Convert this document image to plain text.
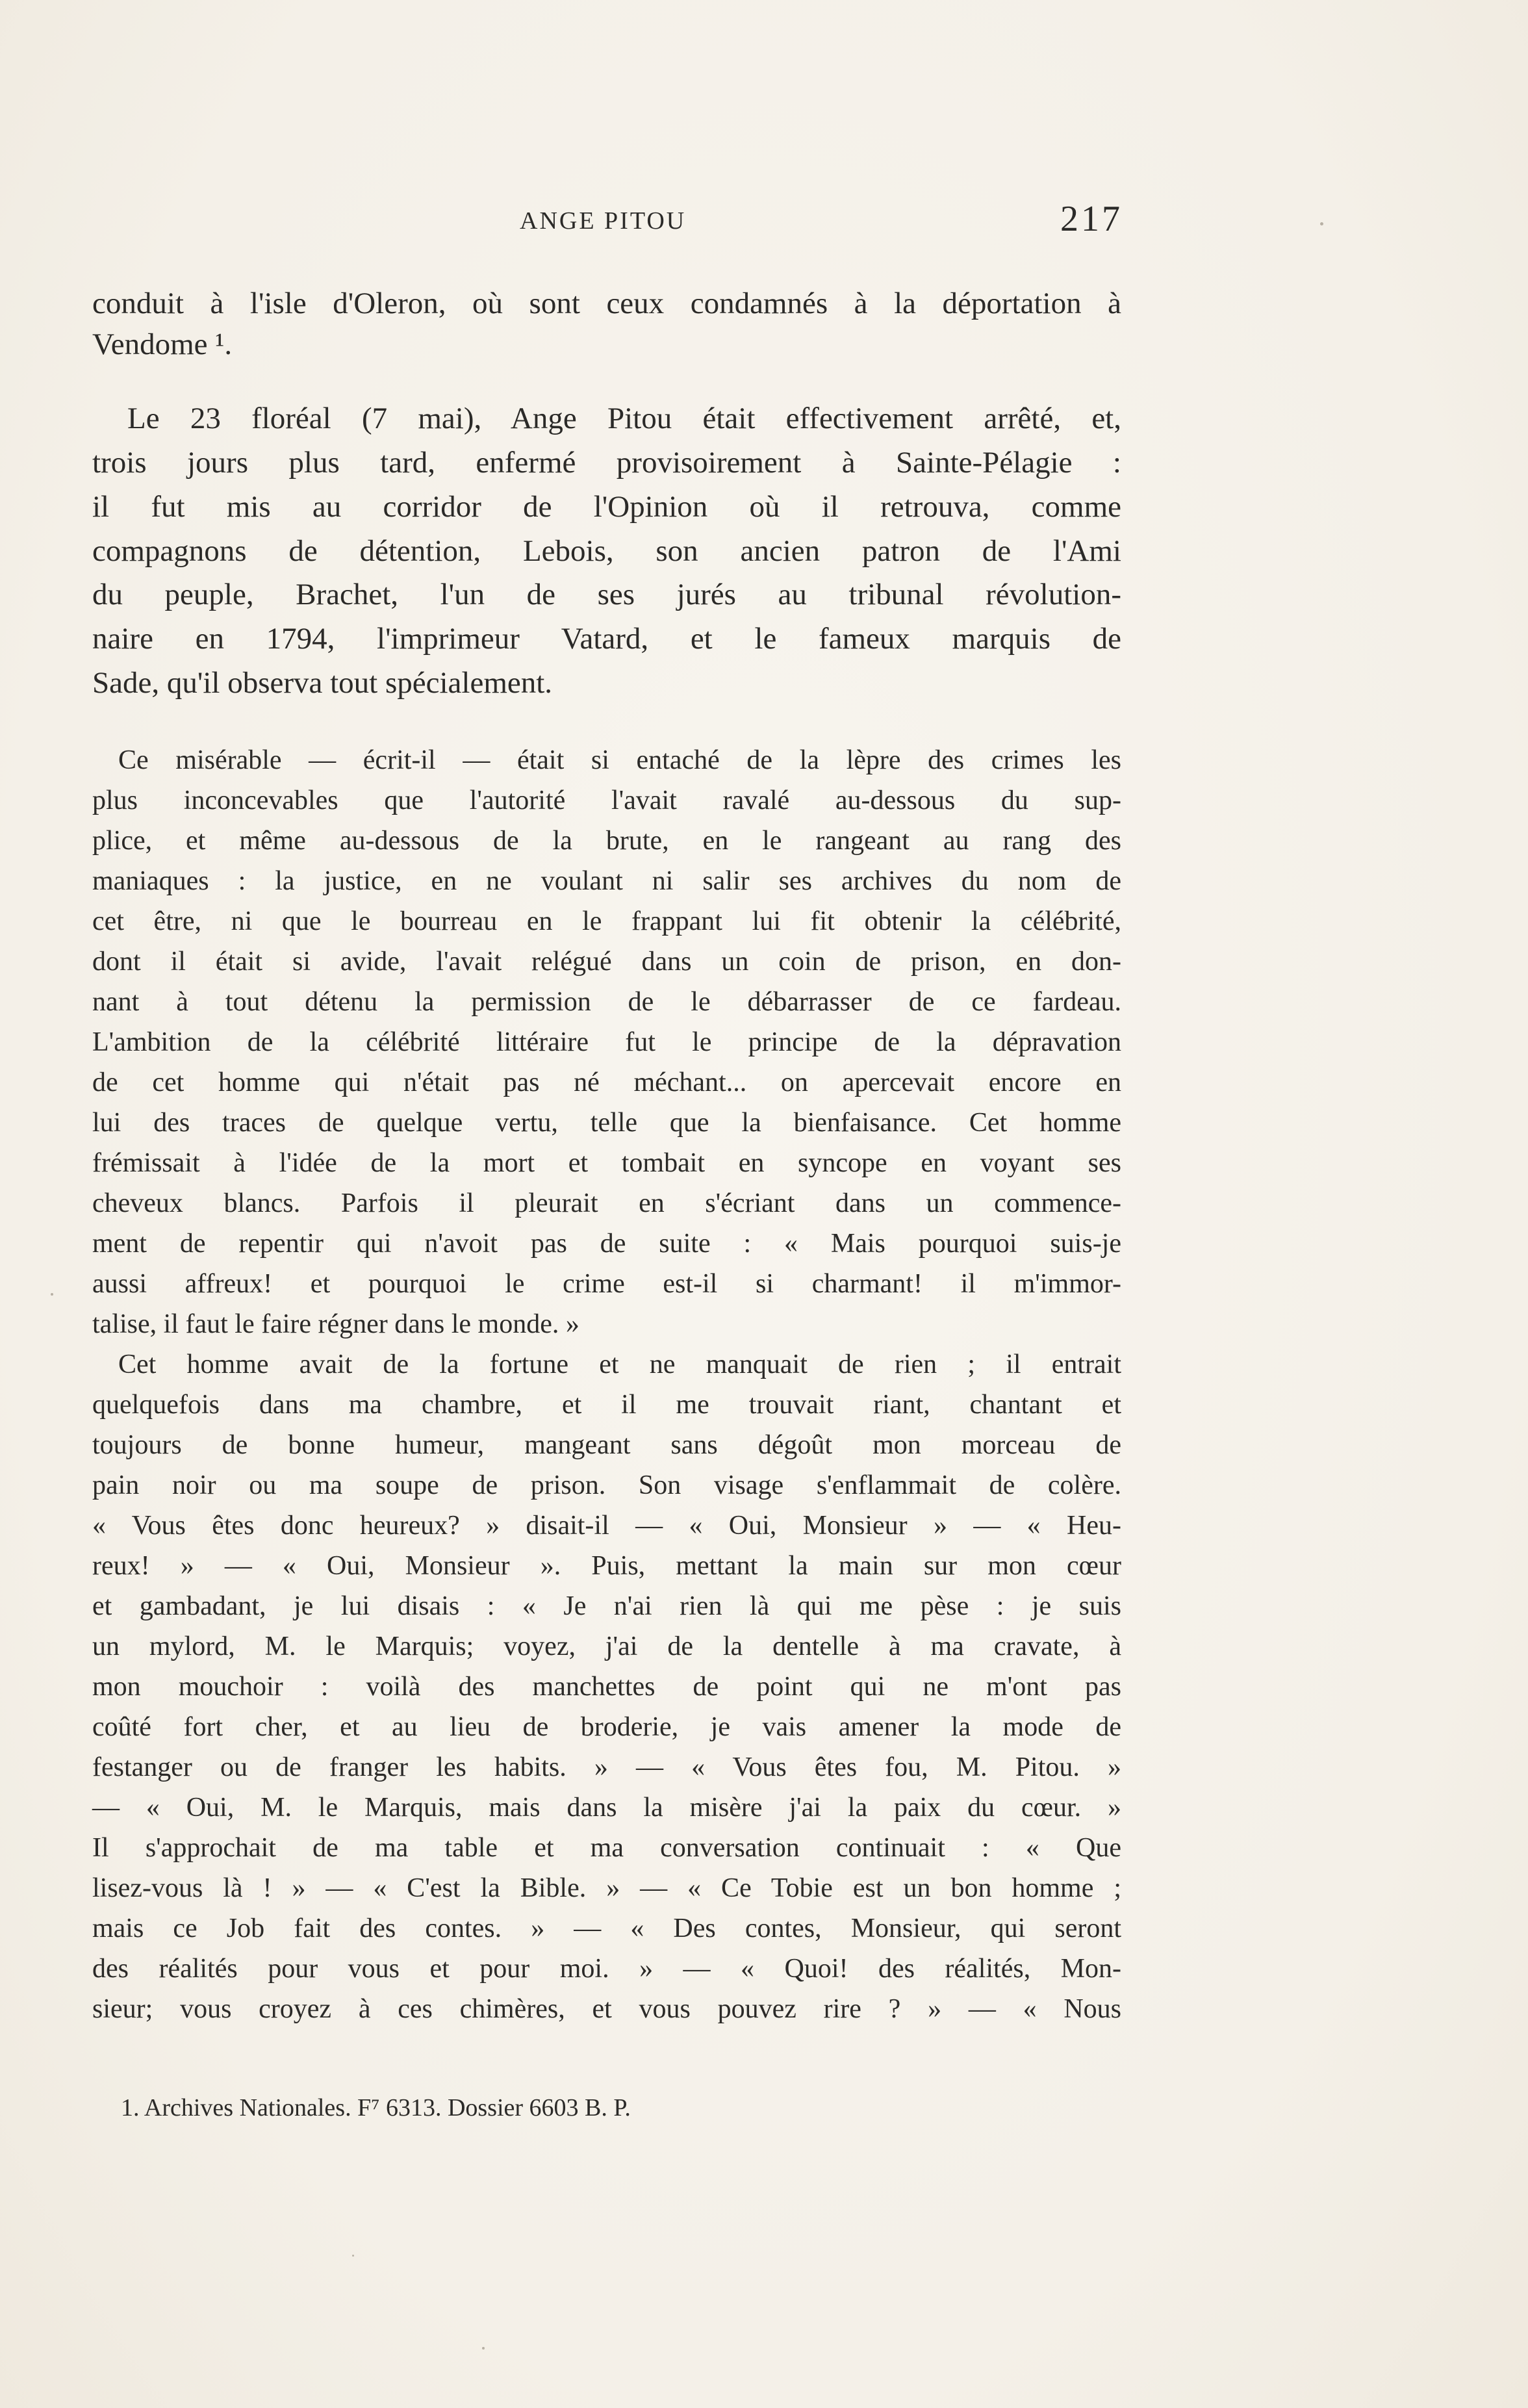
ANGE PITOU	217
conduit à l'isle d'Oleron, où sont ceux condamnés à la déportation à
Vendome ¹.
Le 23 floréal (7 mai), Ange Pitou était effectivement arrêté, et,
trois jours plus tard, enfermé provisoirement à Sainte-Pélagie :
il fut mis au corridor de l'Opinion où il retrouva, comme
compagnons de détention, Lebois, son ancien patron de l'Ami
du peuple, Brachet, l'un de ses jurés au tribunal révolution-
naire en 1794, l'imprimeur Vatard, et le fameux marquis de
Sade, qu'il observa tout spécialement.
Ce misérable — écrit-il — était si entaché de la lèpre des crimes les
plus inconcevables que l'autorité l'avait ravalé au-dessous du sup-
plice, et même au-dessous de la brute, en le rangeant au rang des
maniaques : la justice, en ne voulant ni salir ses archives du nom de
cet être, ni que le bourreau en le frappant lui fit obtenir la célébrité,
dont il était si avide, l'avait relégué dans un coin de prison, en don-
nant à tout détenu la permission de le débarrasser de ce fardeau.
L'ambition de la célébrité littéraire fut le principe de la dépravation
de cet homme qui n'était pas né méchant... on apercevait encore en
lui des traces de quelque vertu, telle que la bienfaisance. Cet homme
frémissait à l'idée de la mort et tombait en syncope en voyant ses
cheveux blancs. Parfois il pleurait en s'écriant dans un commence-
ment de repentir qui n'avoit pas de suite : « Mais pourquoi suis-je
aussi affreux! et pourquoi le crime est-il si charmant! il m'immor-
talise, il faut le faire régner dans le monde. »
Cet homme avait de la fortune et ne manquait de rien ; il entrait
quelquefois dans ma chambre, et il me trouvait riant, chantant et
toujours de bonne humeur, mangeant sans dégoût mon morceau de
pain noir ou ma soupe de prison. Son visage s'enflammait de colère.
« Vous êtes donc heureux? » disait-il — « Oui, Monsieur » — « Heu-
reux! » — « Oui, Monsieur ». Puis, mettant la main sur mon cœur
et gambadant, je lui disais : « Je n'ai rien là qui me pèse : je suis
un mylord, M. le Marquis; voyez, j'ai de la dentelle à ma cravate, à
mon mouchoir : voilà des manchettes de point qui ne m'ont pas
coûté fort cher, et au lieu de broderie, je vais amener la mode de
festanger ou de franger les habits. » — « Vous êtes fou, M. Pitou. »
— « Oui, M. le Marquis, mais dans la misère j'ai la paix du cœur. »
Il s'approchait de ma table et ma conversation continuait : « Que
lisez-vous là ! » — « C'est la Bible. » — « Ce Tobie est un bon homme ;
mais ce Job fait des contes. » — « Des contes, Monsieur, qui seront
des réalités pour vous et pour moi. » — « Quoi! des réalités, Mon-
sieur; vous croyez à ces chimères, et vous pouvez rire ? » — « Nous
1. Archives Nationales. F⁷ 6313. Dossier 6603 B. P.
